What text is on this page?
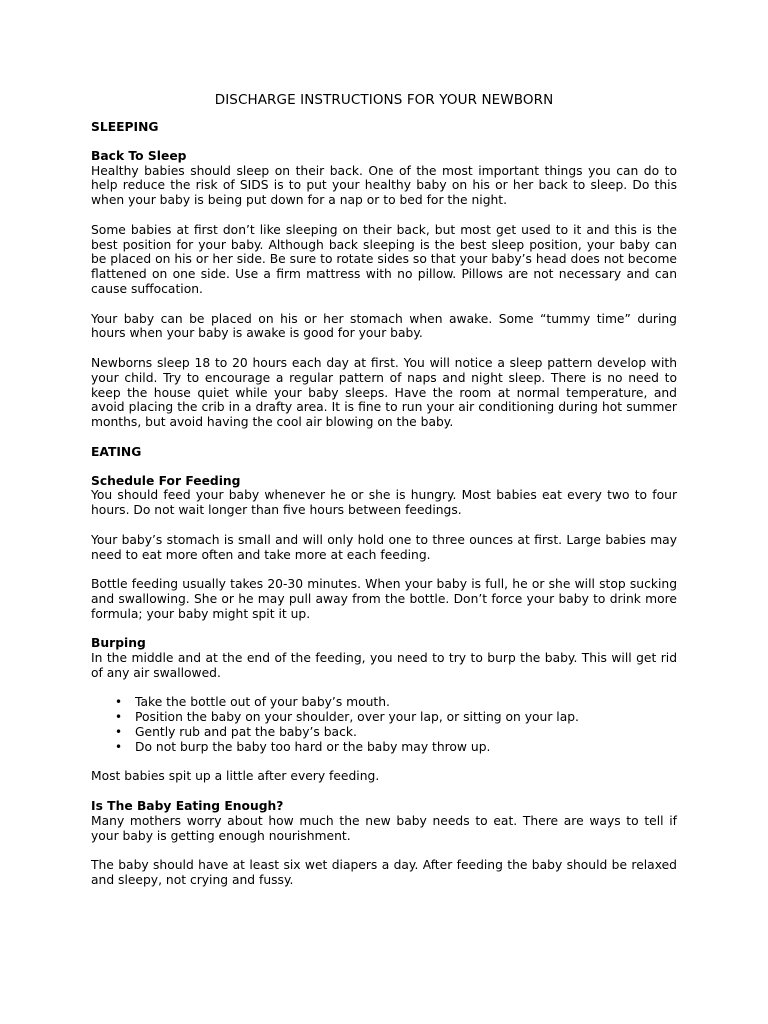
DISCHARGE INSTRUCTIONS FOR YOUR NEWBORN
SLEEPING
Back To Sleep

Healthy babies should sleep on their back. One of the most important things you can do to help reduce the risk of SIDS is to put your healthy baby on his or her back to sleep. Do this when your baby is being put down for a nap or to bed for the night.

Some babies at first don’t like sleeping on their back, but most get used to it and this is the best position for your baby. Although back sleeping is the best sleep position, your baby can be placed on his or her side. Be sure to rotate sides so that your baby’s head does not become flattened on one side. Use a firm mattress with no pillow. Pillows are not necessary and can cause suffocation.

Your baby can be placed on his or her stomach when awake. Some “tummy time” during hours when your baby is awake is good for your baby.

Newborns sleep 18 to 20 hours each day at first. You will notice a sleep pattern develop with your child. Try to encourage a regular pattern of naps and night sleep. There is no need to keep the house quiet while your baby sleeps. Have the room at normal temperature, and avoid placing the crib in a drafty area. It is fine to run your air conditioning during hot summer months, but avoid having the cool air blowing on the baby.

EATING
Schedule For Feeding

You should feed your baby whenever he or she is hungry. Most babies eat every two to four hours. Do not wait longer than five hours between feedings.

Your baby’s stomach is small and will only hold one to three ounces at first. Large babies may need to eat more often and take more at each feeding.

Bottle feeding usually takes 20-30 minutes. When your baby is full, he or she will stop sucking and swallowing. She or he may pull away from the bottle. Don’t force your baby to drink more formula; your baby might spit it up.

Burping

In the middle and at the end of the feeding, you need to try to burp the baby. This will get rid of any air swallowed.

• Take the bottle out of your baby’s mouth.
• Position the baby on your shoulder, over your lap, or sitting on your lap.
• Gently rub and pat the baby’s back.
• Do not burp the baby too hard or the baby may throw up.

Most babies spit up a little after every feeding.

Is The Baby Eating Enough?

Many mothers worry about how much the new baby needs to eat. There are ways to tell if your baby is getting enough nourishment.

The baby should have at least six wet diapers a day. After feeding the baby should be relaxed and sleepy, not crying and fussy.
